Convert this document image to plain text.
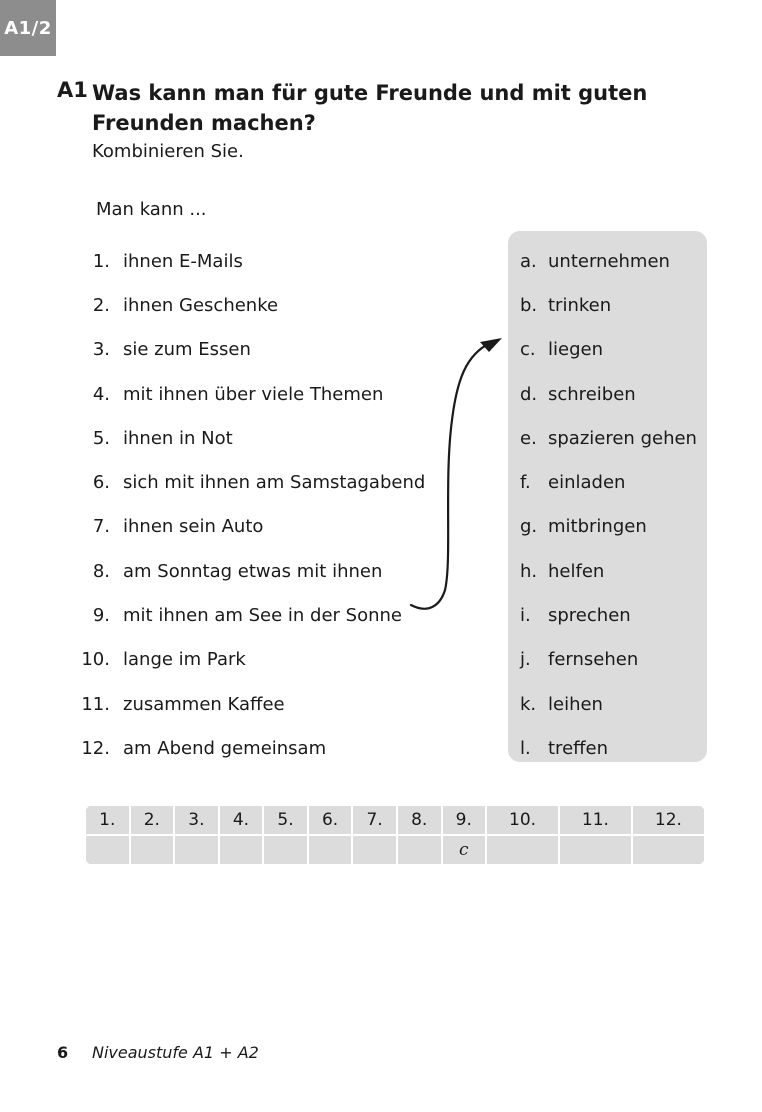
A1/2
A1 Was kann man für gute Freunde und mit guten Freunden machen?
Kombinieren Sie.
Man kann ...
1. ihnen E-Mails
2. ihnen Geschenke
3. sie zum Essen
4. mit ihnen über viele Themen
5. ihnen in Not
6. sich mit ihnen am Samstagabend
7. ihnen sein Auto
8. am Sonntag etwas mit ihnen
9. mit ihnen am See in der Sonne
10. lange im Park
11. zusammen Kaffee
12. am Abend gemeinsam
a. unternehmen
b. trinken
c. liegen
d. schreiben
e. spazieren gehen
f. einladen
g. mitbringen
h. helfen
i. sprechen
j. fernsehen
k. leihen
l. treffen
1.	2.	3.	4.	5.	6.	7.	8.	9.	10.	11.	12.
								c			
6 Niveaustufe A1 + A2
